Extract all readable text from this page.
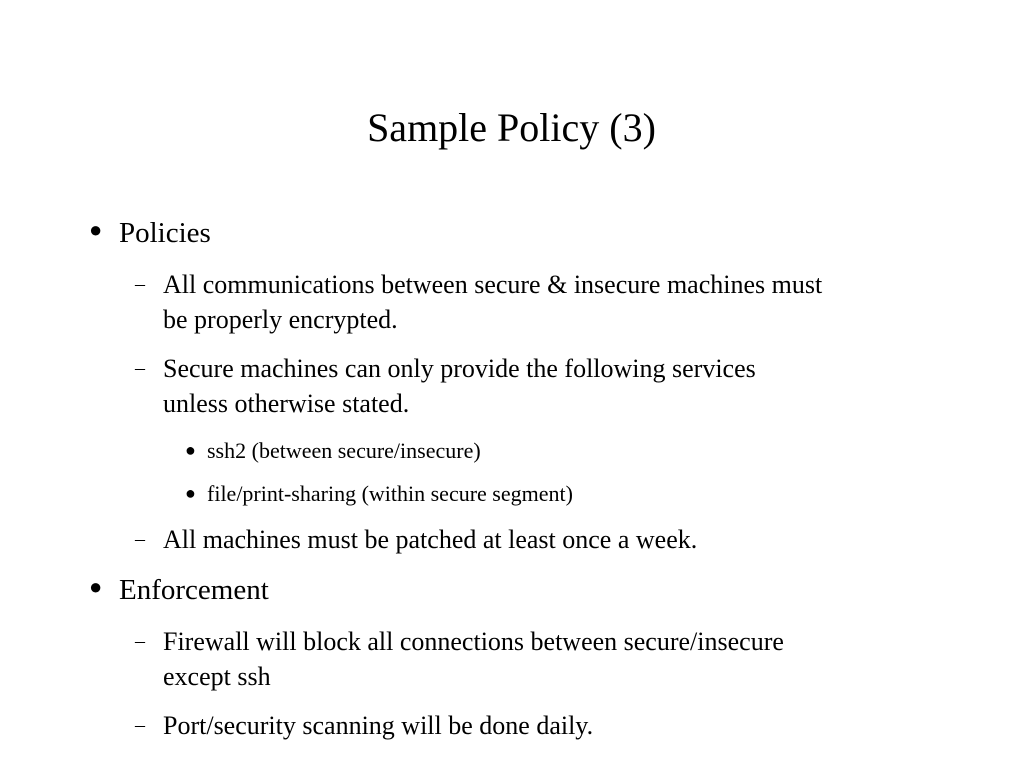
Sample Policy (3)
● Policies
– All communications between secure & insecure machines must
be properly encrypted.
– Secure machines can only provide the following services
unless otherwise stated.
● ssh2 (between secure/insecure)
● file/print-sharing (within secure segment)
– All machines must be patched at least once a week.
● Enforcement
– Firewall will block all connections between secure/insecure
except ssh
– Port/security scanning will be done daily.
